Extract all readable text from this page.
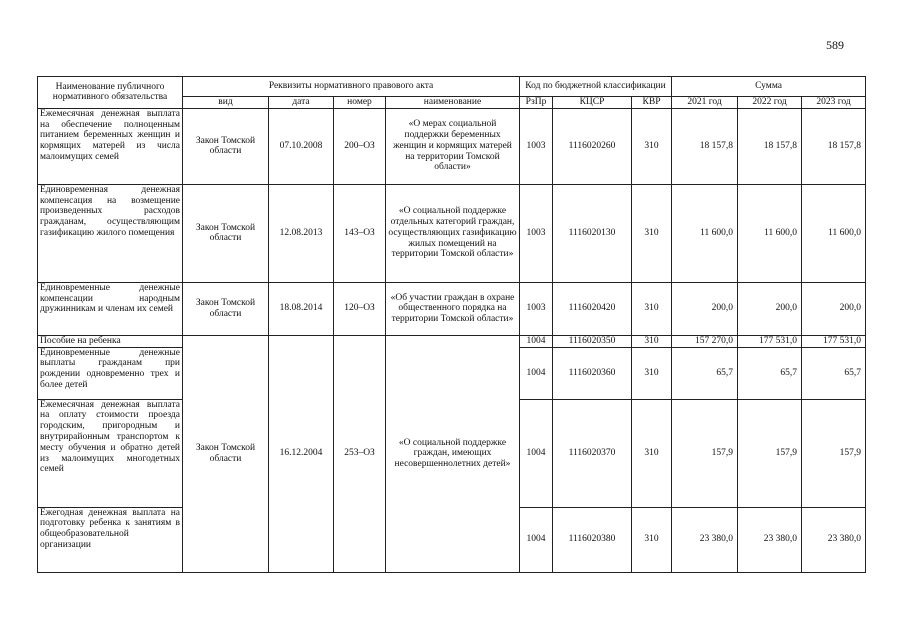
589
Наименование публичного нормативного обязательства	Реквизиты нормативного правового акта				Код по бюджетной классификации			Сумма		
	вид	дата	номер	наименование	РзПр	КЦСР	КВР	2021 год	2022 год	2023 год
Ежемесячная денежная выплата на обеспечение полноценным питанием беременных женщин и кормящих матерей из числа малоимущих семей	Закон Томской области	07.10.2008	200–ОЗ	«О мерах социальной поддержки беременных женщин и кормящих матерей на территории Томской области»	1003	1116020260	310	18 157,8	18 157,8	18 157,8
Единовременная денежная компенсация на возмещение произведенных расходов гражданам, осуществляющим газификацию жилого помещения	Закон Томской области	12.08.2013	143–ОЗ	«О социальной поддержке отдельных категорий граждан, осуществляющих газификацию жилых помещений на территории Томской области»	1003	1116020130	310	11 600,0	11 600,0	11 600,0
Единовременные денежные компенсации народным дружинникам и членам их семей	Закон Томской области	18.08.2014	120–ОЗ	«Об участии граждан в охране общественного порядка на территории Томской области»	1003	1116020420	310	200,0	200,0	200,0
Пособие на ребенка	Закон Томской области	16.12.2004	253–ОЗ	«О социальной поддержке граждан, имеющих несовершеннолетних детей»	1004	1116020350	310	157 270,0	177 531,0	177 531,0
Единовременные денежные выплаты гражданам при рождении одновременно трех и более детей					1004	1116020360	310	65,7	65,7	65,7
Ежемесячная денежная выплата на оплату стоимости проезда городским, пригородным и внутрирайонным транспортом к месту обучения и обратно детей из малоимущих многодетных семей					1004	1116020370	310	157,9	157,9	157,9
Ежегодная денежная выплата на подготовку ребенка к занятиям в общеобразовательной организации					1004	1116020380	310	23 380,0	23 380,0	23 380,0
